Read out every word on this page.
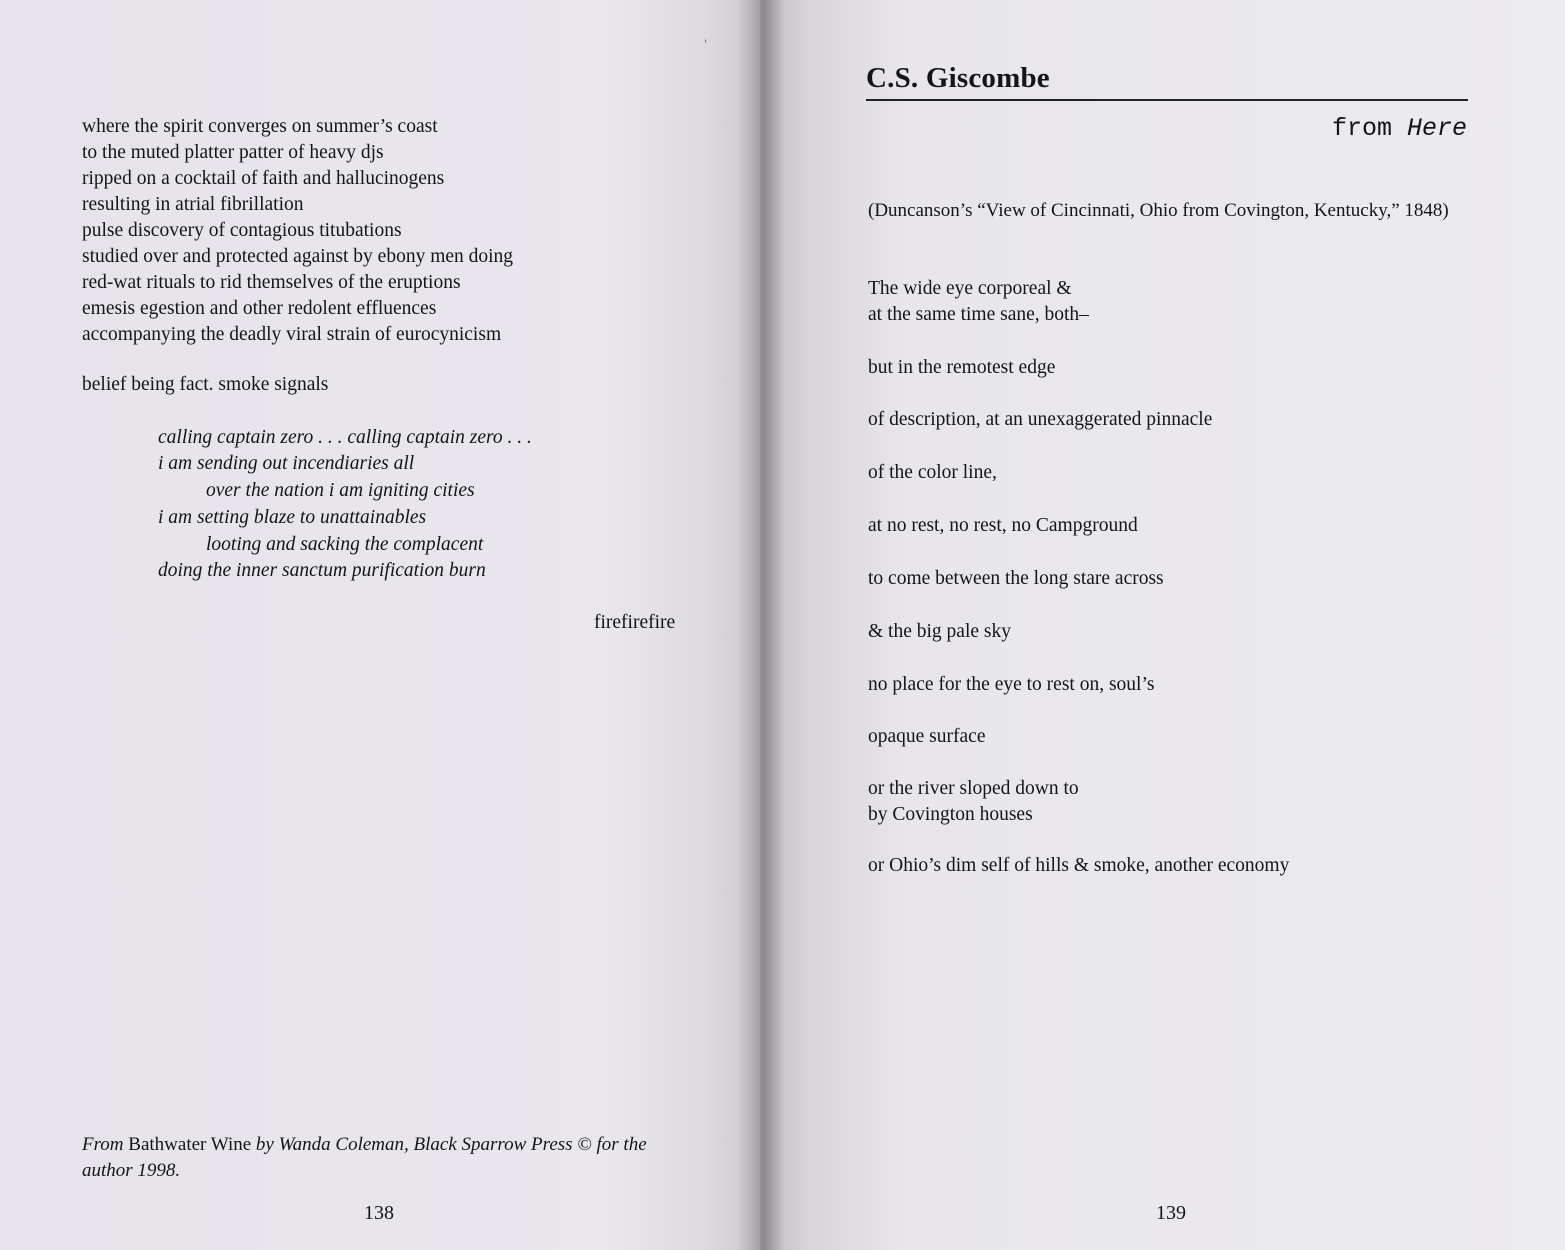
ˈ
where the spirit converges on summer’s coast
to the muted platter patter of heavy djs
ripped on a cocktail of faith and hallucinogens
resulting in atrial fibrillation
pulse discovery of contagious titubations
studied over and protected against by ebony men doing
red-wat rituals to rid themselves of the eruptions
emesis egestion and other redolent effluences
accompanying the deadly viral strain of eurocynicism
belief being fact. smoke signals
calling captain zero . . . calling captain zero . . .
i am sending out incendiaries all
over the nation i am igniting cities
i am setting blaze to unattainables
looting and sacking the complacent
doing the inner sanctum purification burn
firefirefire
From Bathwater Wine by Wanda Coleman, Black Sparrow Press © for the author 1998.
138
C.S. Giscombe
from Here
(Duncanson’s “View of Cincinnati, Ohio from Covington, Kentucky,” 1848)
The wide eye corporeal &
at the same time sane, both–
but in the remotest edge
of description, at an unexaggerated pinnacle
of the color line,
at no rest, no rest, no Campground
to come between the long stare across
& the big pale sky
no place for the eye to rest on, soul’s
opaque surface
or the river sloped down to
by Covington houses
or Ohio’s dim self of hills & smoke, another economy
139
